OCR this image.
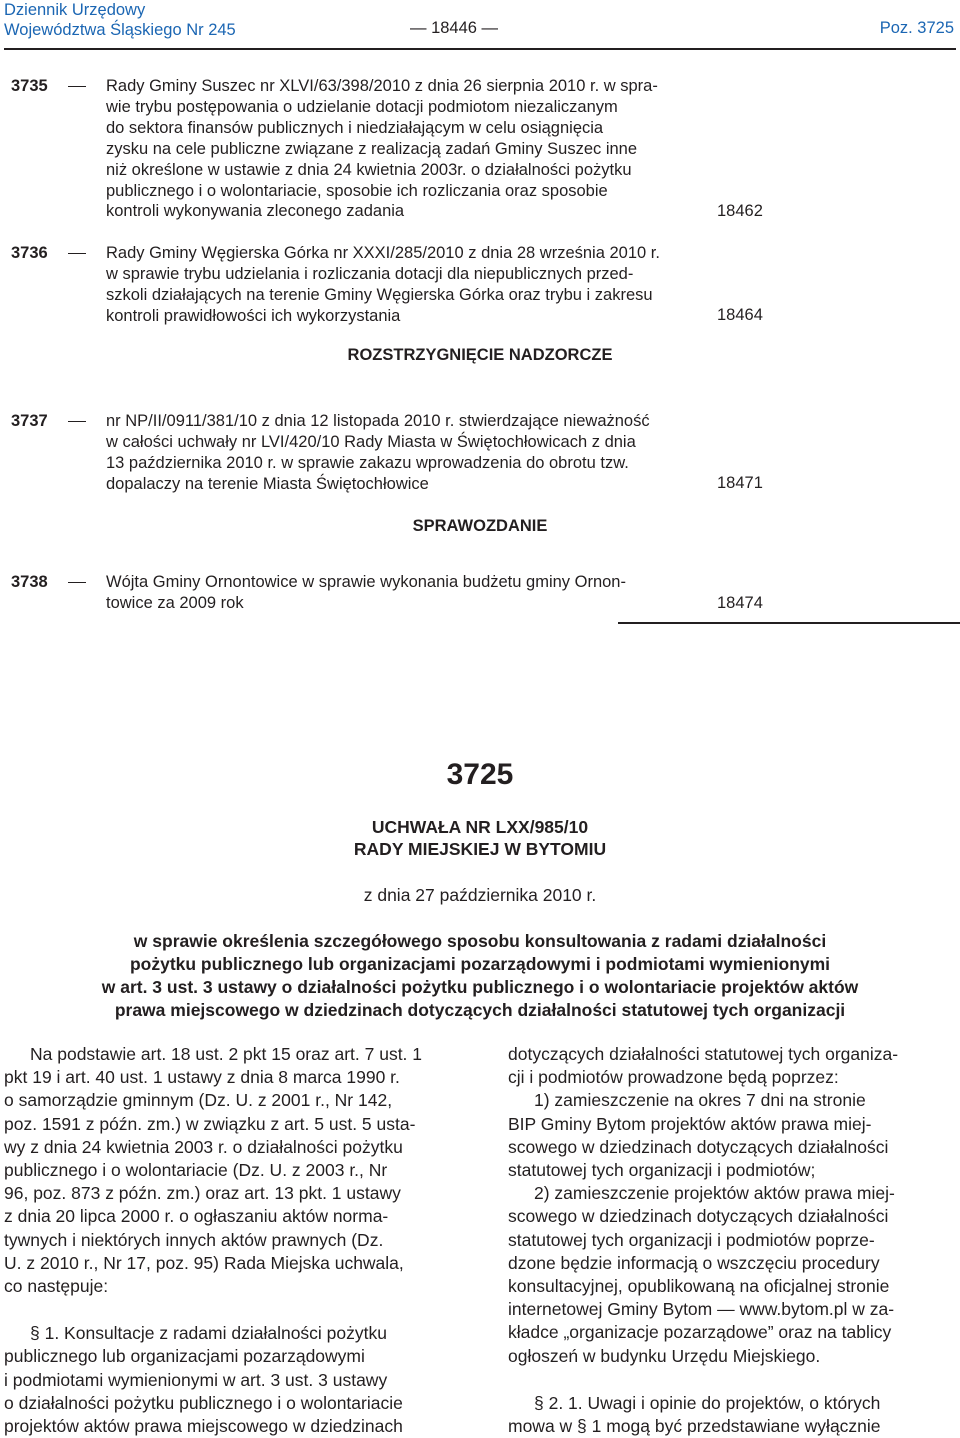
Dziennik Urzędowy
Województwa Śląskiego Nr 245	— 18446 —	Poz. 3725
3735	Rady Gminy Suszec nr XLVI/63/398/2010 z dnia 26 sierpnia 2010 r. w spra-
wie trybu postępowania o udzielanie dotacji podmiotom niezaliczanym
do sektora finansów publicznych i niedziałającym w celu osiągnięcia
zysku na cele publiczne związane z realizacją zadań Gminy Suszec inne
niż określone w ustawie z dnia 24 kwietnia 2003r. o działalności pożytku
publicznego i o wolontariacie, sposobie ich rozliczania oraz sposobie
kontroli wykonywania zleconego zadania	18462
3736	Rady Gminy Węgierska Górka nr XXXI/285/2010 z dnia 28 września 2010 r.
w sprawie trybu udzielania i rozliczania dotacji dla niepublicznych przed-
szkoli działających na terenie Gminy Węgierska Górka oraz trybu i zakresu
kontroli prawidłowości ich wykorzystania	18464
ROZSTRZYGNIĘCIE NADZORCZE
3737	nr NP/II/0911/381/10 z dnia 12 listopada 2010 r. stwierdzające nieważność
w całości uchwały nr LVI/420/10 Rady Miasta w Świętochłowicach z dnia
13 października 2010 r. w sprawie zakazu wprowadzenia do obrotu tzw.
dopalaczy na terenie Miasta Świętochłowice	18471
SPRAWOZDANIE
3738	Wójta Gminy Ornontowice w sprawie wykonania budżetu gminy Ornon-
towice za 2009 rok	18474
3725
UCHWAŁA NR LXX/985/10
RADY MIEJSKIEJ W BYTOMIU
z dnia 27 października 2010 r.
w sprawie określenia szczegółowego sposobu konsultowania z radami działalności
pożytku publicznego lub organizacjami pozarządowymi i podmiotami wymienionymi
w art. 3 ust. 3 ustawy o działalności pożytku publicznego i o wolontariacie projektów aktów
prawa miejscowego w dziedzinach dotyczących działalności statutowej tych organizacji
Na podstawie art. 18 ust. 2 pkt 15 oraz art. 7 ust. 1
pkt 19 i art. 40 ust. 1 ustawy z dnia 8 marca 1990 r.
o samorządzie gminnym (Dz. U. z 2001 r., Nr 142,
poz. 1591 z późn. zm.) w związku z art. 5 ust. 5 usta-
wy z dnia 24 kwietnia 2003 r. o działalności pożytku
publicznego i o wolontariacie (Dz. U. z 2003 r., Nr
96, poz. 873 z późn. zm.) oraz art. 13 pkt. 1 ustawy
z dnia 20 lipca 2000 r. o ogłaszaniu aktów norma-
tywnych i niektórych innych aktów prawnych (Dz.
U. z 2010 r., Nr 17, poz. 95) Rada Miejska uchwala,
co następuje:
§ 1. Konsultacje z radami działalności pożytku
publicznego lub organizacjami pozarządowymi
i podmiotami wymienionymi w art. 3 ust. 3 ustawy
o działalności pożytku publicznego i o wolontariacie
projektów aktów prawa miejscowego w dziedzinach
dotyczących działalności statutowej tych organiza-
cji i podmiotów prowadzone będą poprzez:
1) zamieszczenie na okres 7 dni na stronie
BIP Gminy Bytom projektów aktów prawa miej-
scowego w dziedzinach dotyczących działalności
statutowej tych organizacji i podmiotów;
2) zamieszczenie projektów aktów prawa miej-
scowego w dziedzinach dotyczących działalności
statutowej tych organizacji i podmiotów poprze-
dzone będzie informacją o wszczęciu procedury
konsultacyjnej, opublikowaną na oficjalnej stronie
internetowej Gminy Bytom — www.bytom.pl w za-
kładce „organizacje pozarządowe” oraz na tablicy
ogłoszeń w budynku Urzędu Miejskiego.
§ 2. 1. Uwagi i opinie do projektów, o których
mowa w § 1 mogą być przedstawiane wyłącznie
